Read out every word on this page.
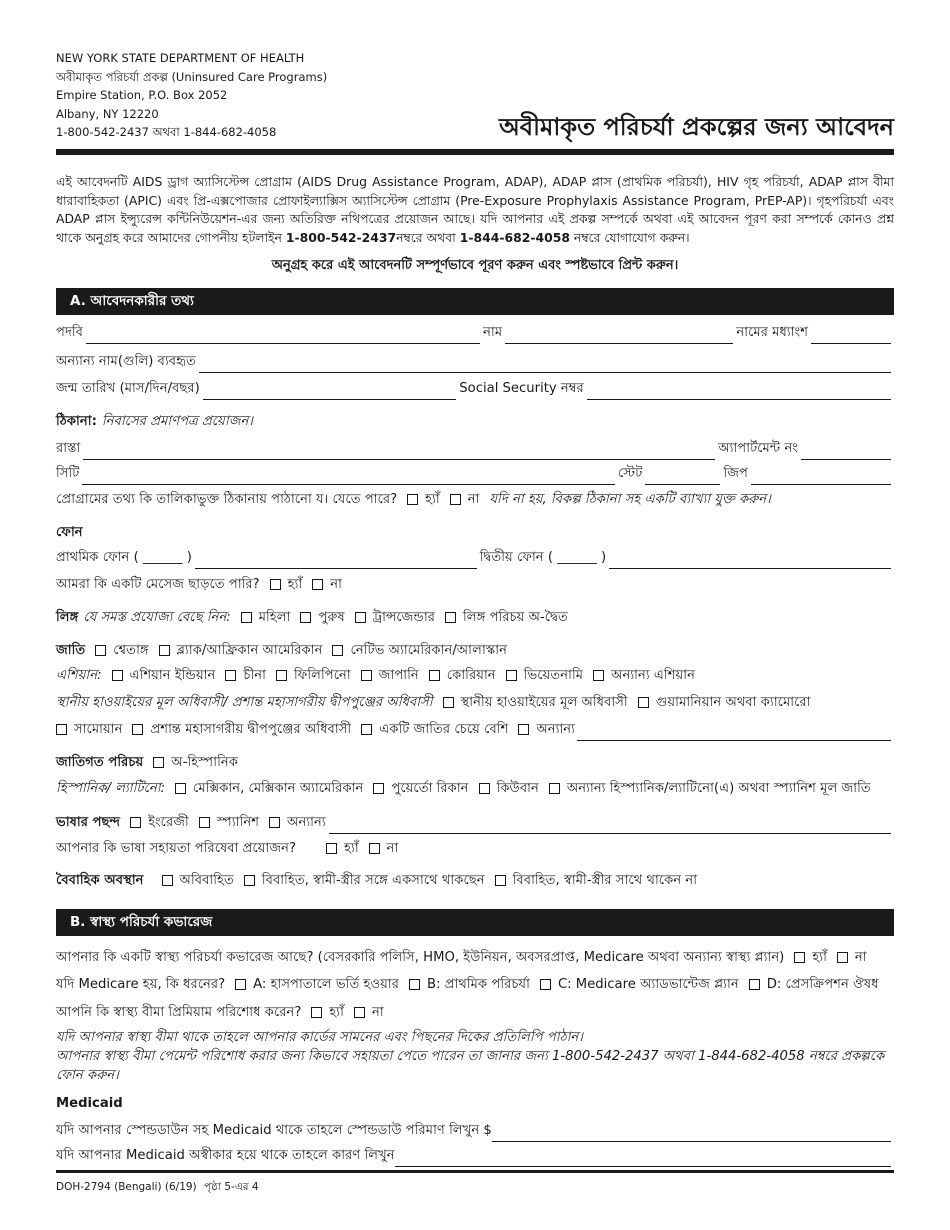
NEW YORK STATE DEPARTMENT OF HEALTH
অবীমাকৃত পরিচর্যা প্রকল্প (Uninsured Care Programs)
Empire Station, P.O. Box 2052
Albany, NY 12220
1-800-542-2437 অথবা 1-844-682-4058	অবীমাকৃত পরিচর্যা প্রকল্পের জন্য আবেদন
এই আবেদনটি AIDS ড্রাগ অ্যাসিস্টেন্স প্রোগ্রাম (AIDS Drug Assistance Program, ADAP), ADAP প্লাস (প্রাথমিক পরিচর্যা), HIV গৃহ পরিচর্যা, ADAP প্লাস বীমা ধারাবাহিকতা (APIC) এবং প্রি-এক্সপোজার প্রোফাইল্যাক্সিস অ্যাসিস্টেন্স প্রোগ্রাম (Pre-Exposure Prophylaxis Assistance Program, PrEP-AP)। গৃহপরিচর্যা এবং ADAP প্লাস ইন্স্যুরেন্স কন্টিনিউয়েশন-এর জন্য অতিরিক্ত নথিপত্রের প্রয়োজন আছে। যদি আপনার এই প্রকল্প সম্পর্কে অথবা এই আবেদন পূরণ করা সম্পর্কে কোনও প্রশ্ন থাকে অনুগ্রহ করে আমাদের গোপনীয় হটলাইন 1-800-542-2437নম্বরে অথবা 1-844-682-4058 নম্বরে যোগাযোগ করুন।
অনুগ্রহ করে এই আবেদনটি সম্পূর্ণভাবে পূরণ করুন এবং স্পষ্টভাবে প্রিন্ট করুন।
A. আবেদনকারীর তথ্য
পদবি	নাম	নামের মধ্যাংশ
অন্যান্য নাম(গুলি) ব্যবহৃত
জন্ম তারিখ (মাস/দিন/বছর)	Social Security নম্বর
ঠিকানা: নিবাসের প্রমাণপত্র প্রয়োজন।
রাস্তা	অ্যাপার্টমেন্ট নং
সিটি	স্টেট	জিপ
প্রোগ্রামের তথ্য কি তালিকাভুক্ত ঠিকানায় পাঠানো য। যেতে পারে? হ্যাঁ না যদি না হয়, বিকল্প ঠিকানা সহ একটি ব্যাখ্যা যুক্ত করুন।
ফোন
প্রাথমিক ফোন ( ______ )	দ্বিতীয় ফোন ( ______ )
আমরা কি একটি মেসেজ ছাড়তে পারি? হ্যাঁ না
লিঙ্গ যে সমস্ত প্রযোজ্য বেছে নিন: মহিলা পুরুষ ট্রান্সজেন্ডার লিঙ্গ পরিচয় অ-দ্বৈত
জাতি শ্বেতাঙ্গ ব্ল্যাক/আফ্রিকান আমেরিকান নেটিভ অ্যামেরিকান/আলাস্কান
এশিয়ান: এশিয়ান ইন্ডিয়ান চীনা ফিলিপিনো জাপানি কোরিয়ান ভিয়েতনামি অন্যান্য এশিয়ান
স্থানীয় হাওয়াইয়ের মূল অধিবাসী/ প্রশান্ত মহাসাগরীয় দ্বীপপুঞ্জের অধিবাসী স্থানীয় হাওয়াইয়ের মূল অধিবাসী গুয়ামানিয়ান অথবা ক্যামোরো
সামোয়ান প্রশান্ত মহাসাগরীয় দ্বীপপুঞ্জের অধিবাসী একটি জাতির চেয়ে বেশি অন্যান্য
জাতিগত পরিচয় অ-হিস্পানিক
হিস্পানিক/ ল্যাটিনো: মেক্সিকান, মেক্সিকান অ্যামেরিকান পুয়ের্তো রিকান কিউবান অন্যান্য হিস্প্যানিক/ল্যাটিনো(এ) অথবা স্প্যানিশ মূল জাতি
ভাষার পছন্দ ইংরেজী স্প্যানিশ অন্যান্য
আপনার কি ভাষা সহায়তা পরিষেবা প্রয়োজন?	হ্যাঁ না
বৈবাহিক অবস্থান	অবিবাহিত বিবাহিত, স্বামী-স্ত্রীর সঙ্গে একসাথে থাকছেন বিবাহিত, স্বামী-স্ত্রীর সাথে থাকেন না
B. স্বাস্থ্য পরিচর্যা কভারেজ
আপনার কি একটি স্বাস্থ্য পরিচর্যা কভারেজ আছে? (বেসরকারি পলিসি, HMO, ইউনিয়ন, অবসরপ্রাপ্ত, Medicare অথবা অন্যান্য স্বাস্থ্য প্ল্যান) হ্যাঁ না
যদি Medicare হয়, কি ধরনের? A: হাসপাতালে ভর্তি হওয়ার B: প্রাথমিক পরিচর্যা C: Medicare অ্যাডভান্টেজ প্ল্যান D: প্রেসক্রিপশন ঔষধ
আপনি কি স্বাস্থ্য বীমা প্রিমিয়াম পরিশোধ করেন? হ্যাঁ না
যদি আপনার স্বাস্থ্য বীমা থাকে তাহলে আপনার কার্ডের সামনের এবং পিছনের দিকের প্রতিলিপি পাঠান।
আপনার স্বাস্থ্য বীমা পেমেন্ট পরিশোধ করার জন্য কিভাবে সহায়তা পেতে পারেন তা জানার জন্য 1-800-542-2437 অথবা 1-844-682-4058 নম্বরে প্রকল্পকে ফোন করুন।
Medicaid
যদি আপনার স্পেন্ডডাউন সহ Medicaid থাকে তাহলে স্পেন্ডডাউ পরিমাণ লিখুন $
যদি আপনার Medicaid অস্বীকার হয়ে থাকে তাহলে কারণ লিখুন
DOH-2794 (Bengali) (6/19) পৃষ্ঠা 5-এর 4
